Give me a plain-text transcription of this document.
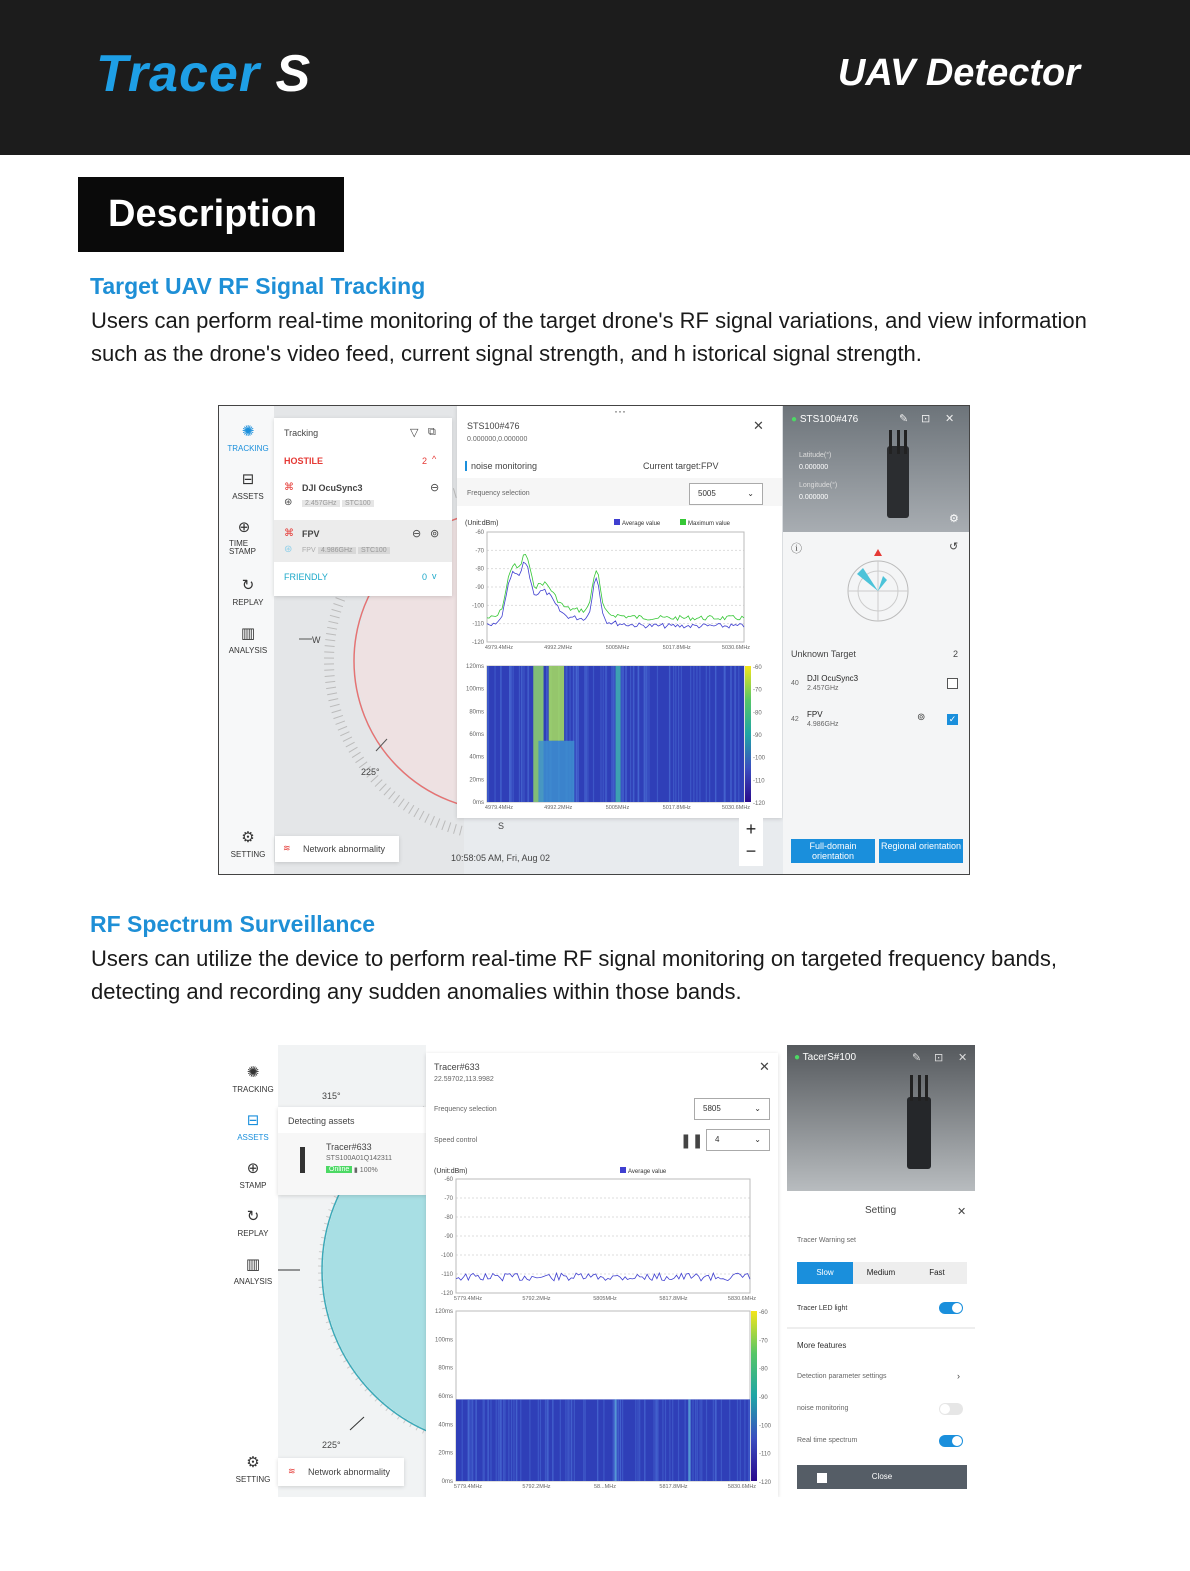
Tracer S	UAV Detector
Description
Target UAV RF Signal Tracking
Users can perform real-time monitoring of the target drone's RF signal variations, and view information such as the drone's video feed, current signal strength, and h istorical signal strength.
✺
TRACKING
⊟
ASSETS
⊕
TIME STAMP
↻
REPLAY
▥
ANALYSIS
⚙
SETTING
W
225°
S
Tracking	▽ ⧉
HOSTILE	2 ^
⌘ DJI OcuSync3	⊖
⊛	2.457GHz	STC100
⌘ FPV	⊖ ⊚
⊛ FPV 4.986GHz	STC100
FRIENDLY	0 v
≋ Network abnormality
···
STS100#476
0.000000,0.000000
✕
noise monitoring	Current target:FPV
Frequency selection	5005	⌄
(Unit:dBm)
-60
-70
-80
-90
-100
-110
-120
4979.4MHz	4992.2MHz	5005MHz	5017.8MHz	5030.6MHz
Average value	Maximum value
120ms
100ms
80ms
60ms
40ms
20ms
0ms
-60
-70
-80
-90
-100
-110
-120
4979.4MHz	4992.2MHz	5005MHz	5017.8MHz	5030.6MHz
10:58:05 AM, Fri, Aug 02
+
−
● STS100#476	✎ ⊡ ✕
Latitude(°)
0.000000
Longitude(°)
0.000000
⚙
ⓘ	↺
Unknown Target	2
40
DJI OcuSync3
2.457GHz
42
FPV
4.986GHz
⊚	✓
Full-domain orientation
Regional orientation
RF Spectrum Surveillance
Users can utilize the device to perform real-time RF signal monitoring on targeted frequency bands, detecting and recording any sudden anomalies within those bands.
✺
TRACKING
⊟
ASSETS
⊕
STAMP
↻
REPLAY
▥
ANALYSIS
⚙
SETTING
315°
225°
Detecting assets
Tracer#633
STS100A01Q142311
Online ▮ 100%
≋ Network abnormality
Tracer#633
22.59702,113.9982
✕
Frequency selection	5805	⌄
Speed control	❚❚	4	⌄
(Unit:dBm)
-60
-70
-80
-90
-100
-110
-120
5779.4MHz	5792.2MHz	5805MHz	5817.8MHz	5830.6MHz
Average value
120ms
100ms
80ms
60ms
40ms
20ms
0ms
-60
-70
-80
-90
-100
-110
-120
5779.4MHz	5792.2MHz	58...MHz	5817.8MHz	5830.6MHz
● TacerS#100	✎ ⊡ ✕
Setting	✕
Tracer Warning set
Slow	Medium	Fast
Tracer LED light
More features
Detection parameter settings	›
noise monitoring
Real time spectrum
Close
